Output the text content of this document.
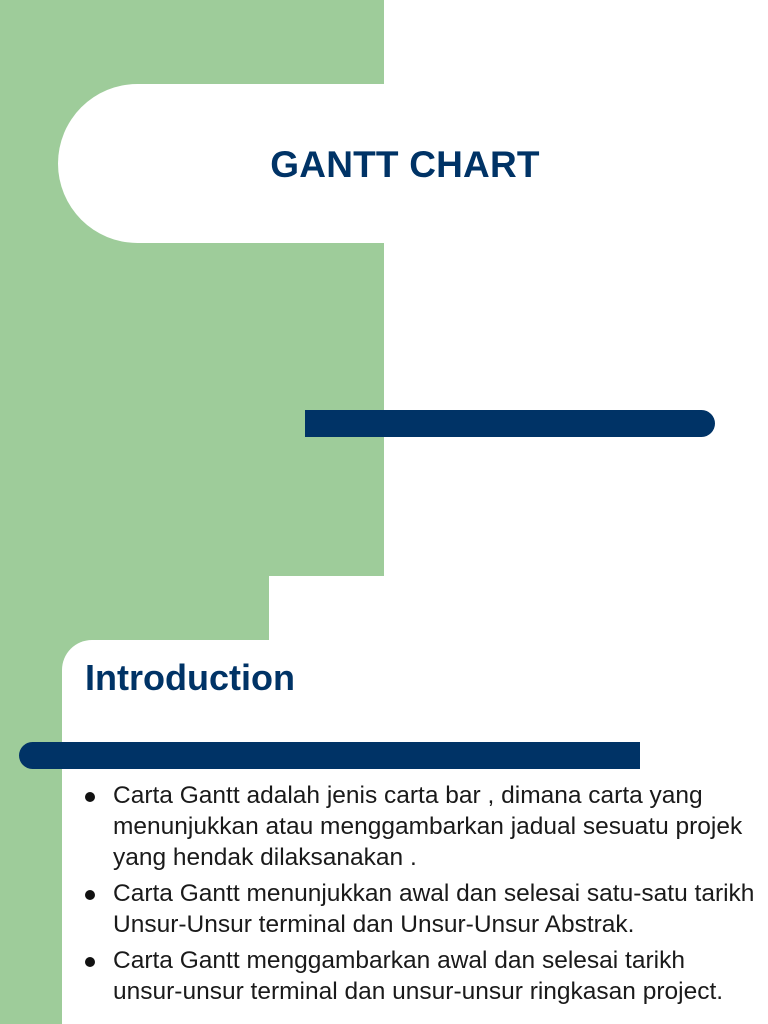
GANTT CHART
Introduction
Carta Gantt adalah jenis carta bar , dimana carta yang menunjukkan atau menggambarkan jadual sesuatu projek yang hendak dilaksanakan .
Carta Gantt menunjukkan awal dan selesai satu-satu tarikh Unsur-Unsur terminal dan Unsur-Unsur Abstrak.
Carta Gantt menggambarkan awal dan selesai tarikh unsur-unsur terminal dan unsur-unsur ringkasan project.
